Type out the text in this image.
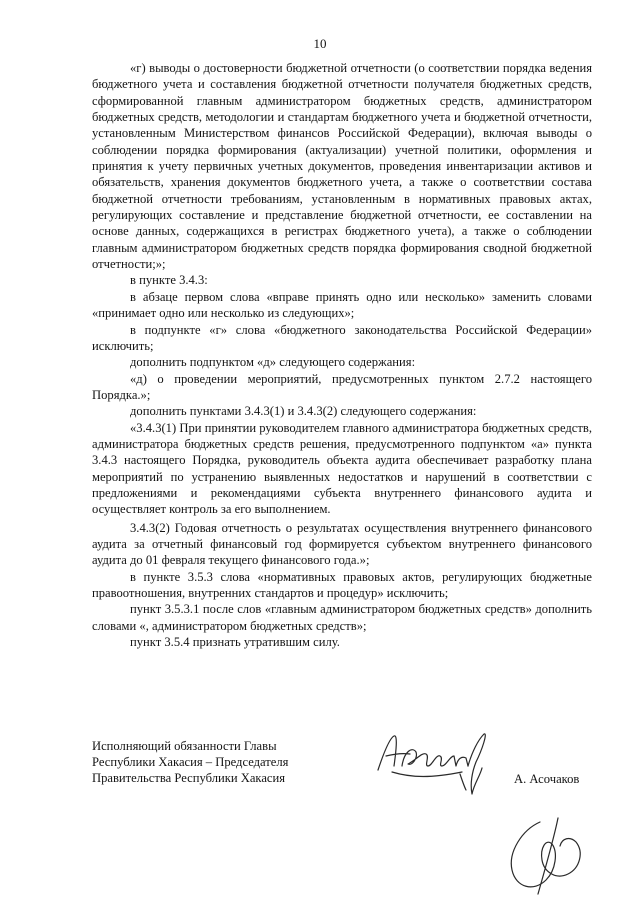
10

«г) выводы о достоверности бюджетной отчетности (о соответствии порядка ведения бюджетного учета и составления бюджетной отчетности получателя бюджетных средств, сформированной главным администратором бюджетных средств, администратором бюджетных средств, методологии и стандартам бюджетного учета и бюджетной отчетности, установленным Министерством финансов Российской Федерации), включая выводы о соблюдении порядка формирования (актуализации) учетной политики, оформления и принятия к учету первичных учетных документов, проведения инвентаризации активов и обязательств, хранения документов бюджетного учета, а также о соответствии состава бюджетной отчетности требованиям, установленным в нормативных правовых актах, регулирующих составление и представление бюджетной отчетности, ее составлении на основе данных, содержащихся в регистрах бюджетного учета), а также о соблюдении главным администратором бюджетных средств порядка формирования сводной бюджетной отчетности;»;

в пункте 3.4.3:

в абзаце первом слова «вправе принять одно или несколько» заменить словами «принимает одно или несколько из следующих»;

в подпункте «г» слова «бюджетного законодательства Российской Федерации» исключить;

дополнить подпунктом «д» следующего содержания:

«д) о проведении мероприятий, предусмотренных пунктом 2.7.2 настоящего Порядка.»;

дополнить пунктами 3.4.3(1) и 3.4.3(2) следующего содержания:

«3.4.3(1) При принятии руководителем главного администратора бюджетных средств, администратора бюджетных средств решения, предусмотренного подпунктом «а» пункта 3.4.3 настоящего Порядка, руководитель объекта аудита обеспечивает разработку плана мероприятий по устранению выявленных недостатков и нарушений в соответствии с предложениями и рекомендациями субъекта внутреннего финансового аудита и осуществляет контроль за его выполнением.

3.4.3(2) Годовая отчетность о результатах осуществления внутреннего финансового аудита за отчетный финансовый год формируется субъектом внутреннего финансового аудита до 01 февраля текущего финансового года.»;

в пункте 3.5.3 слова «нормативных правовых актов, регулирующих бюджетные правоотношения, внутренних стандартов и процедур» исключить;

пункт 3.5.3.1 после слов «главным администратором бюджетных средств» дополнить словами «, администратором бюджетных средств»;

пункт 3.5.4 признать утратившим силу.

Исполняющий обязанности Главы
Республики Хакасия – Председателя
Правительства Республики Хакасия	А. Асочаков
